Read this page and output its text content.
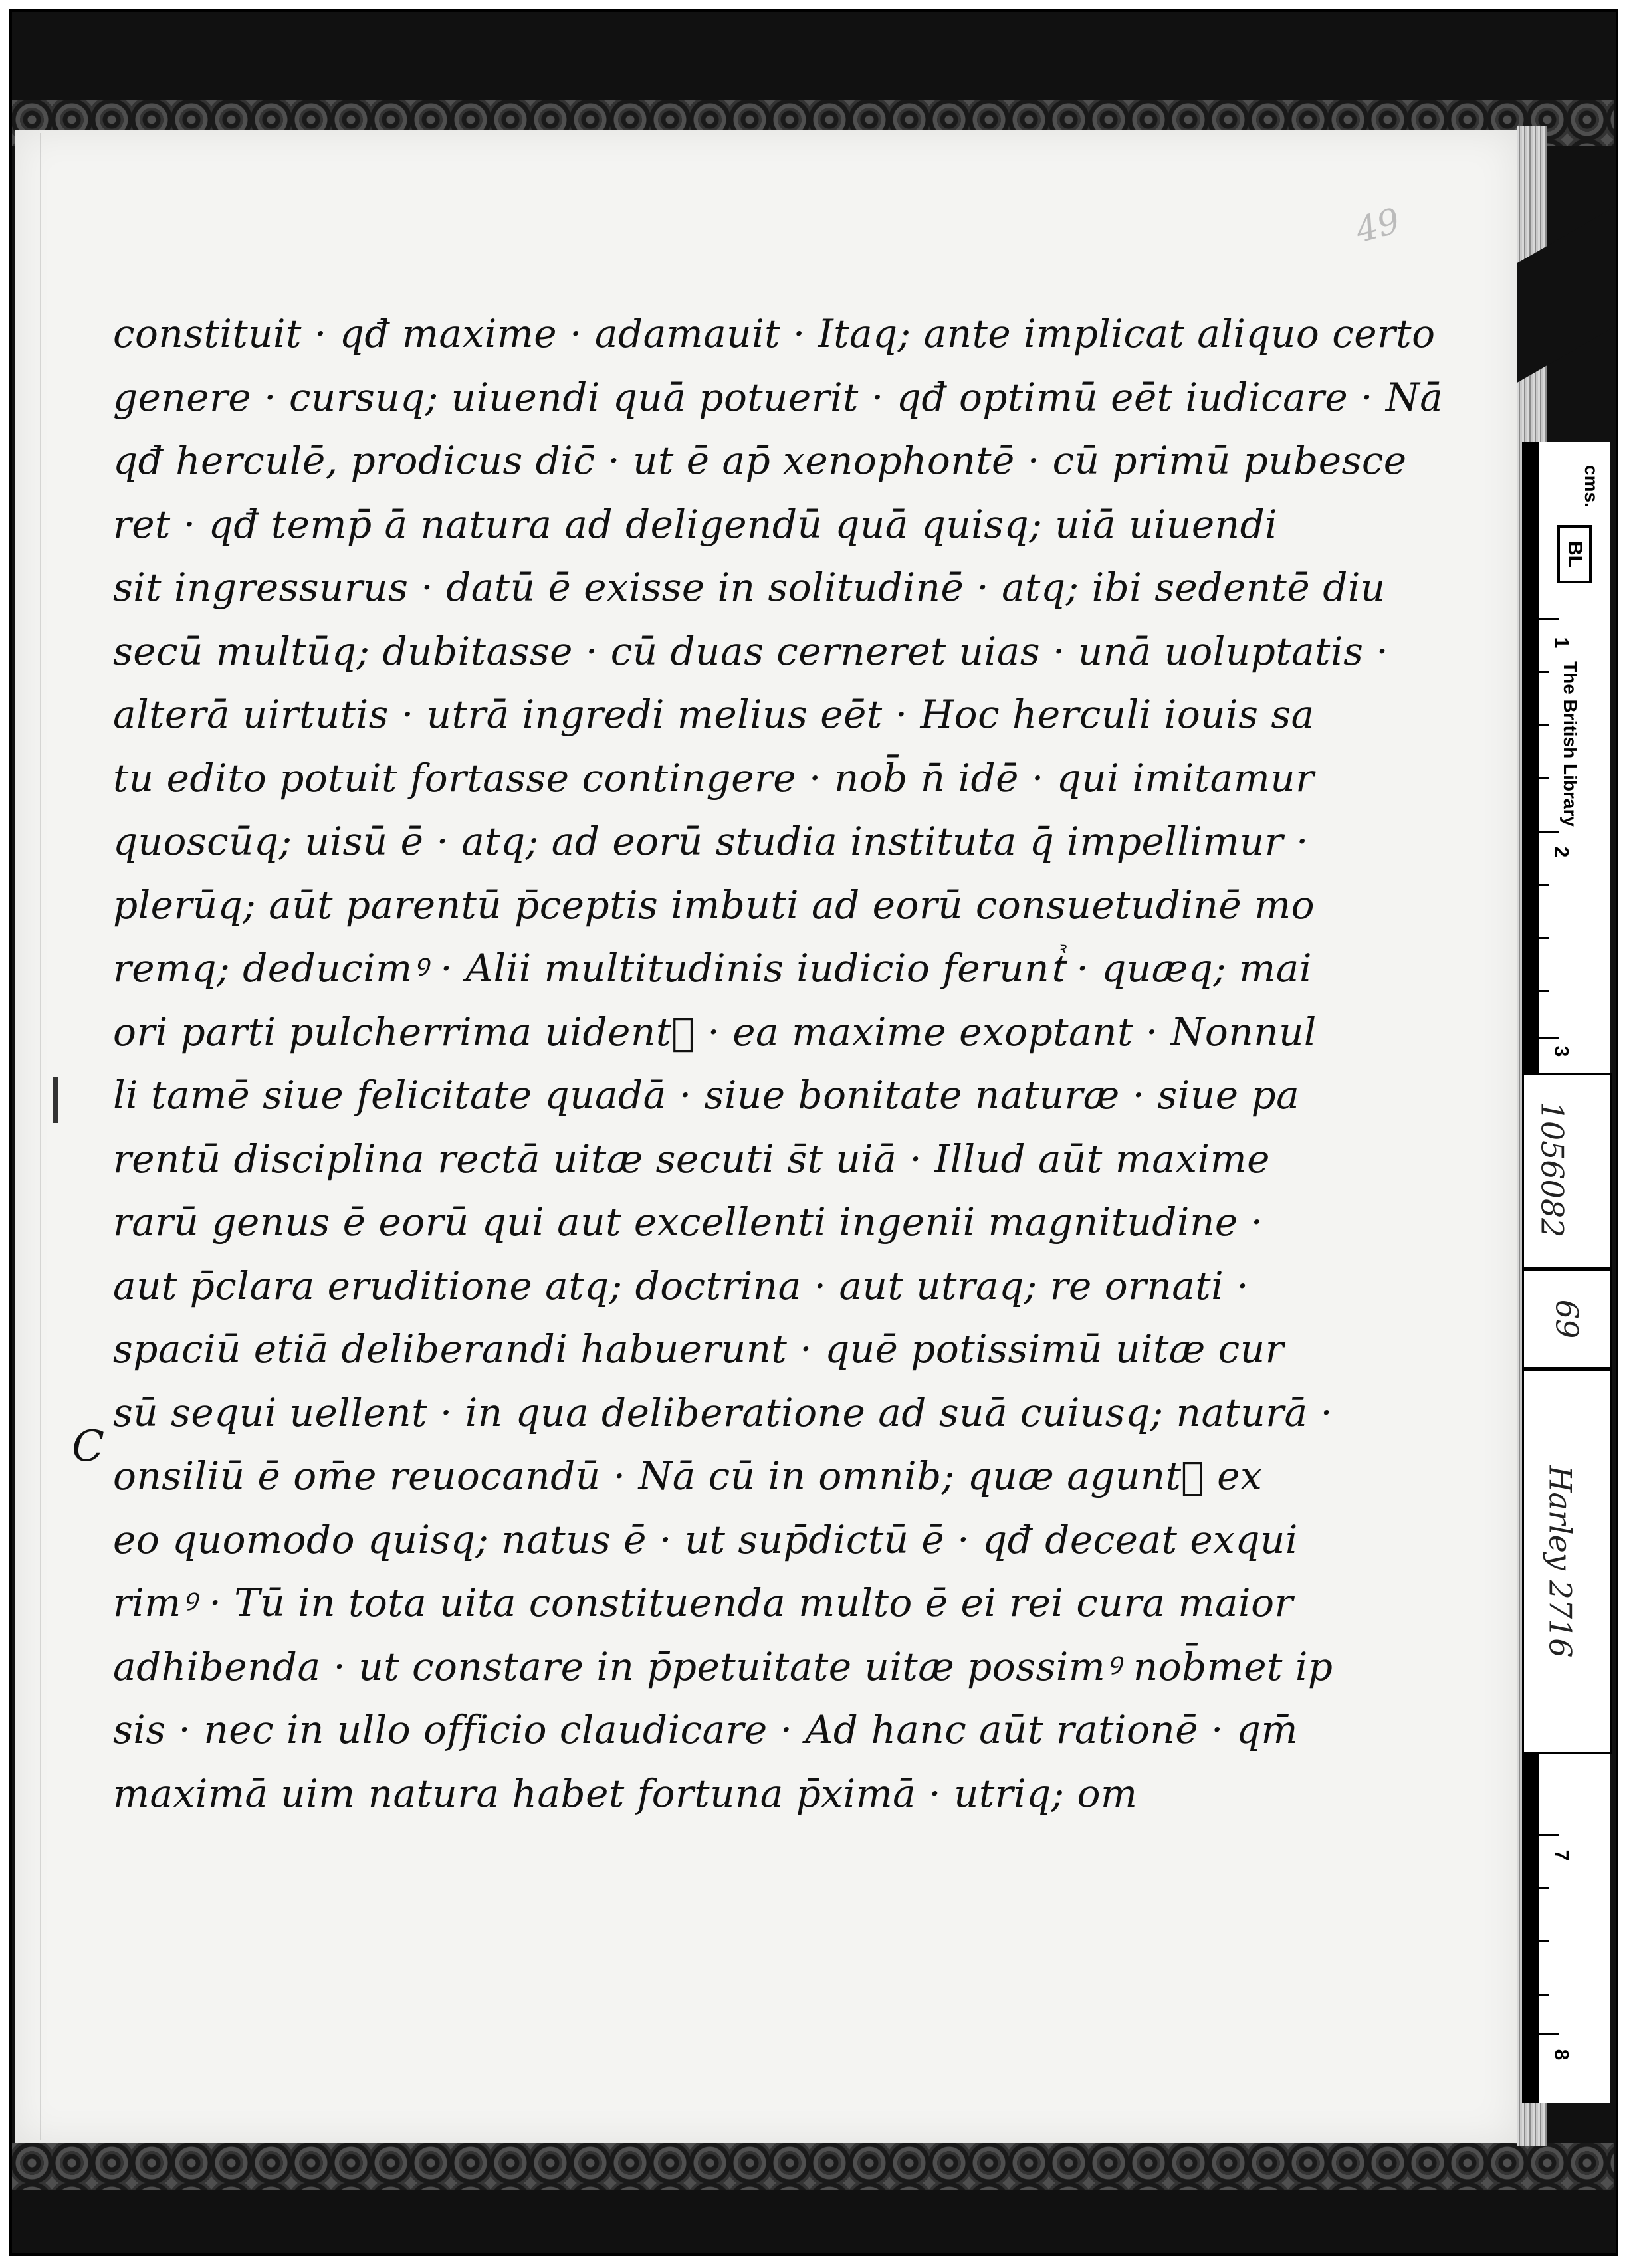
49
C
constituit · qđ maxime · adamauit · Itaq; ante implicat aliquo certo
genere · cursuq; uiuendi quā potuerit · qđ optimū eēt iudicare · Nā
qđ herculē, prodicus dic̄ · ut ē ap̄ xenophontē · cū primū pubesce
ret · qđ temp̄ ā natura ad deligendū quā quisq; uiā uiuendi
sit ingressurus · datū ē exisse in solitudinē · atq; ibi sedentē diu
secū multūq; dubitasse · cū duas cerneret uias · unā uoluptatis ·
alterā uirtutis · utrā ingredi melius eēt · Hoc herculi iouis sa
tu edito potuit fortasse contingere · nob̄ n̄ idē · qui imitamur
quoscūq; uisū ē · atq; ad eorū studia instituta q̄ impellimur ·
plerūq; aūt parentū p̄ceptis imbuti ad eorū consuetudinē mo
remq; deducimꝰ · Alii multitudinis iudicio feruntᷣ · quæq; mai
ori parti pulcherrima uidentᷣ · ea maxime exoptant · Nonnul
li tamē siue felicitate quadā · siue bonitate naturæ · siue pa
rentū disciplina rectā uitæ secuti s̄t uiā · Illud aūt maxime
rarū genus ē eorū qui aut excellenti ingenii magnitudine ·
aut p̄clara eruditione atq; doctrina · aut utraq; re ornati ·
spaciū etiā deliberandi habuerunt · quē potissimū uitæ cur
sū sequi uellent · in qua deliberatione ad suā cuiusq; naturā ·
onsiliū ē om̄e reuocandū · Nā cū in omnib; quæ aguntᷣ ex
eo quomodo quisq; natus ē · ut sup̄dictū ē · qđ deceat exqui
rimꝰ · Tū in tota uita constituenda multo ē ei rei cura maior
adhibenda · ut constare in p̄petuitate uitæ possimꝰ nob̄met ip
sis · nec in ullo officio claudicare · Ad hanc aūt rationē · qm̄
maximā uim natura habet fortuna p̄ximā · utriq; om
cms.
ins.
BL
The British Library
1
2
3
7
8
1056082
69
Harley 2716
